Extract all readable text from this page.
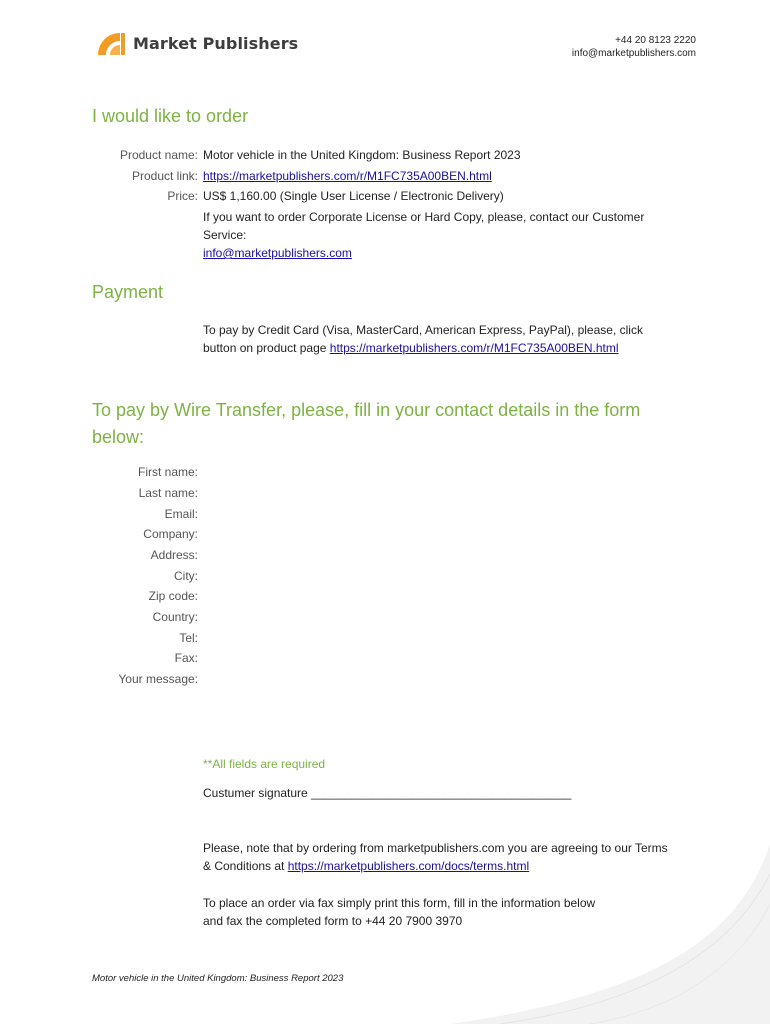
Market Publishers	+44 20 8123 2220
info@marketpublishers.com
I would like to order
Product name: Motor vehicle in the United Kingdom: Business Report 2023
Product link: https://marketpublishers.com/r/M1FC735A00BEN.html
Price: US$ 1,160.00 (Single User License / Electronic Delivery)
If you want to order Corporate License or Hard Copy, please, contact our Customer
Service:
info@marketpublishers.com
Payment
To pay by Credit Card (Visa, MasterCard, American Express, PayPal), please, click
button on product page https://marketpublishers.com/r/M1FC735A00BEN.html
To pay by Wire Transfer, please, fill in your contact details in the form
below:
First name:
Last name:
Email:
Company:
Address:
City:
Zip code:
Country:
Tel:
Fax:
Your message:
**All fields are required
Custumer signature _______________________________________
Please, note that by ordering from marketpublishers.com you are agreeing to our Terms
& Conditions at https://marketpublishers.com/docs/terms.html
To place an order via fax simply print this form, fill in the information below
and fax the completed form to +44 20 7900 3970
Motor vehicle in the United Kingdom: Business Report 2023
